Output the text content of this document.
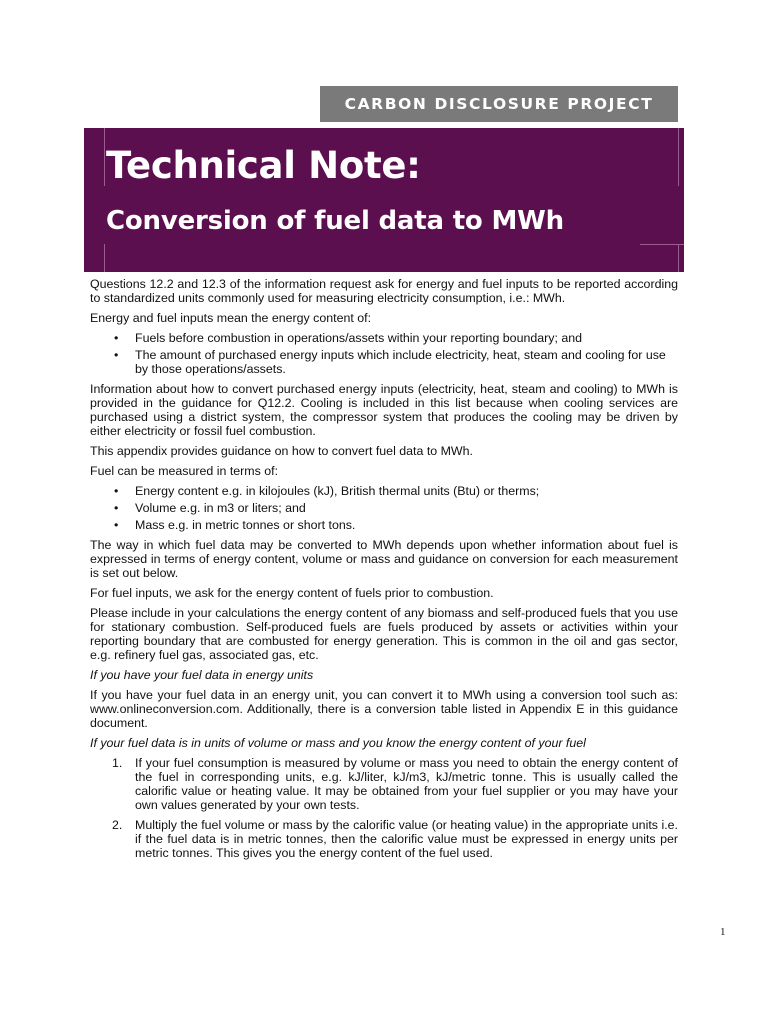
CARBON DISCLOSURE PROJECT
Technical Note:
Conversion of fuel data to MWh

Questions 12.2 and 12.3 of the information request ask for energy and fuel inputs to be reported according to standardized units commonly used for measuring electricity consumption, i.e.: MWh.

Energy and fuel inputs mean the energy content of:

• Fuels before combustion in operations/assets within your reporting boundary; and
• The amount of purchased energy inputs which include electricity, heat, steam and cooling for use by those operations/assets.

Information about how to convert purchased energy inputs (electricity, heat, steam and cooling) to MWh is provided in the guidance for Q12.2. Cooling is included in this list because when cooling services are purchased using a district system, the compressor system that produces the cooling may be driven by either electricity or fossil fuel combustion.

This appendix provides guidance on how to convert fuel data to MWh.

Fuel can be measured in terms of:

• Energy content e.g. in kilojoules (kJ), British thermal units (Btu) or therms;
• Volume e.g. in m3 or liters; and
• Mass e.g. in metric tonnes or short tons.

The way in which fuel data may be converted to MWh depends upon whether information about fuel is expressed in terms of energy content, volume or mass and guidance on conversion for each measurement is set out below.

For fuel inputs, we ask for the energy content of fuels prior to combustion.

Please include in your calculations the energy content of any biomass and self-produced fuels that you use for stationary combustion. Self-produced fuels are fuels produced by assets or activities within your reporting boundary that are combusted for energy generation. This is common in the oil and gas sector, e.g. refinery fuel gas, associated gas, etc.

If you have your fuel data in energy units

If you have your fuel data in an energy unit, you can convert it to MWh using a conversion tool such as: www.onlineconversion.com. Additionally, there is a conversion table listed in Appendix E in this guidance document.

If your fuel data is in units of volume or mass and you know the energy content of your fuel

1. If your fuel consumption is measured by volume or mass you need to obtain the energy content of the fuel in corresponding units, e.g. kJ/liter, kJ/m3, kJ/metric tonne. This is usually called the calorific value or heating value. It may be obtained from your fuel supplier or you may have your own values generated by your own tests.
2. Multiply the fuel volume or mass by the calorific value (or heating value) in the appropriate units i.e. if the fuel data is in metric tonnes, then the calorific value must be expressed in energy units per metric tonnes. This gives you the energy content of the fuel used.
1
